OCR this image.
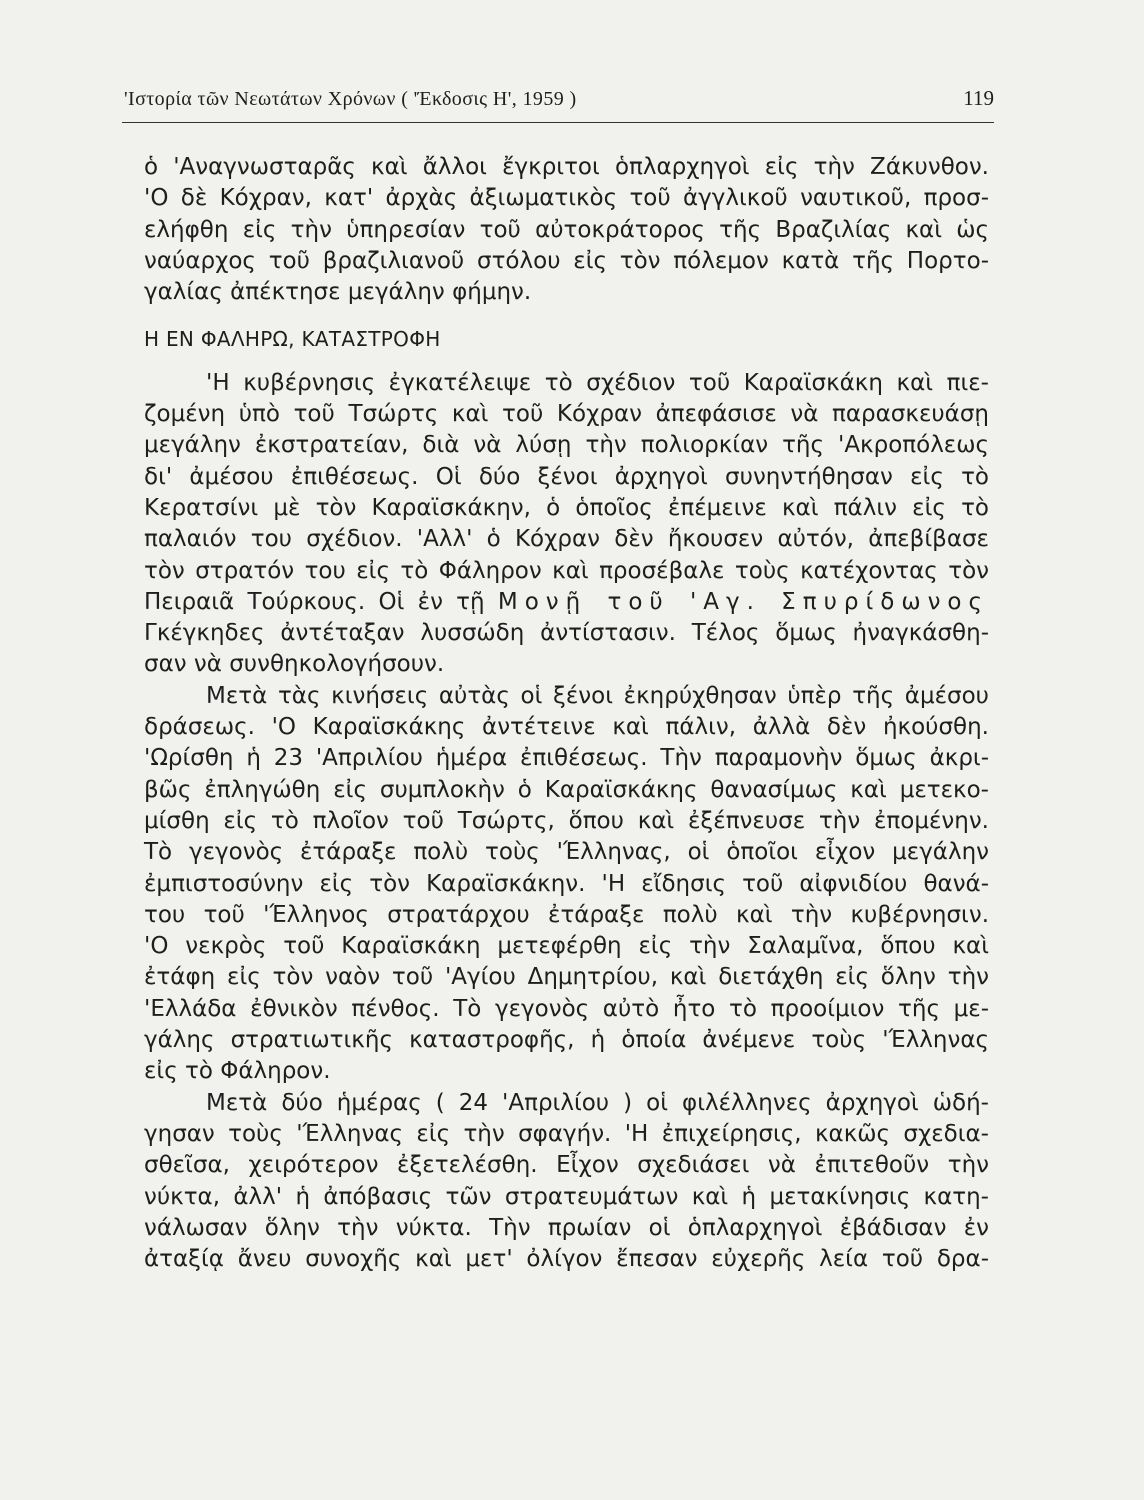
'Ιστορία τῶν Νεωτάτων Χρόνων ( 'Έκδοσις Η', 1959 )	119

ὁ 'Αναγνωσταρᾶς καὶ ἄλλοι ἔγκριτοι ὁπλαρχηγοὶ εἰς τὴν Ζάκυνθον.
'Ο δὲ Κόχραν, κατ' ἀρχὰς ἀξιωματικὸς τοῦ ἀγγλικοῦ ναυτικοῦ, προσ-
ελήφθη εἰς τὴν ὑπηρεσίαν τοῦ αὐτοκράτορος τῆς Βραζιλίας καὶ ὡς
ναύαρχος τοῦ βραζιλιανοῦ στόλου εἰς τὸν πόλεμον κατὰ τῆς Πορτο-
γαλίας ἀπέκτησε μεγάλην φήμην.

Η ΕΝ ΦΑΛΗΡΩ, ΚΑΤΑΣΤΡΟΦΗ

'Η κυβέρνησις ἐγκατέλειψε τὸ σχέδιον τοῦ Καραϊσκάκη καὶ πιε-
ζομένη ὑπὸ τοῦ Τσώρτς καὶ τοῦ Κόχραν ἀπεφάσισε νὰ παρασκευάσῃ
μεγάλην ἐκστρατείαν, διὰ νὰ λύσῃ τὴν πολιορκίαν τῆς 'Ακροπόλεως
δι' ἀμέσου ἐπιθέσεως. Οἱ δύο ξένοι ἀρχηγοὶ συνηντήθησαν εἰς τὸ
Κερατσίνι μὲ τὸν Καραϊσκάκην, ὁ ὁποῖος ἐπέμεινε καὶ πάλιν εἰς τὸ
παλαιόν του σχέδιον. 'Αλλ' ὁ Κόχραν δὲν ἤκουσεν αὐτόν, ἀπεβίβασε
τὸν στρατόν του εἰς τὸ Φάληρον καὶ προσέβαλε τοὺς κατέχοντας τὸν
Πειραιᾶ Τούρκους. Οἱ ἐν τῇ Μονῇ τοῦ 'Αγ. Σπυρίδωνος
Γκέγκηδες ἀντέταξαν λυσσώδη ἀντίστασιν. Τέλος ὅμως ἠναγκάσθη-
σαν νὰ συνθηκολογήσουν.

Μετὰ τὰς κινήσεις αὐτὰς οἱ ξένοι ἐκηρύχθησαν ὑπὲρ τῆς ἀμέσου
δράσεως. 'Ο Καραϊσκάκης ἀντέτεινε καὶ πάλιν, ἀλλὰ δὲν ἠκούσθη.
'Ωρίσθη ἡ 23 'Απριλίου ἡμέρα ἐπιθέσεως. Τὴν παραμονὴν ὅμως ἀκρι-
βῶς ἐπληγώθη εἰς συμπλοκὴν ὁ Καραϊσκάκης θανασίμως καὶ μετεκο-
μίσθη εἰς τὸ πλοῖον τοῦ Τσώρτς, ὅπου καὶ ἐξέπνευσε τὴν ἐπομένην.
Τὸ γεγονὸς ἐτάραξε πολὺ τοὺς 'Έλληνας, οἱ ὁποῖοι εἶχον μεγάλην
ἐμπιστοσύνην εἰς τὸν Καραϊσκάκην. 'Η εἴδησις τοῦ αἰφνιδίου θανά-
του τοῦ 'Έλληνος στρατάρχου ἐτάραξε πολὺ καὶ τὴν κυβέρνησιν.
'Ο νεκρὸς τοῦ Καραϊσκάκη μετεφέρθη εἰς τὴν Σαλαμῖνα, ὅπου καὶ
ἐτάφη εἰς τὸν ναὸν τοῦ 'Αγίου Δημητρίου, καὶ διετάχθη εἰς ὅλην τὴν
'Ελλάδα ἐθνικὸν πένθος. Τὸ γεγονὸς αὐτὸ ἦτο τὸ προοίμιον τῆς με-
γάλης στρατιωτικῆς καταστροφῆς, ἡ ὁποία ἀνέμενε τοὺς 'Έλληνας
εἰς τὸ Φάληρον.

Μετὰ δύο ἡμέρας ( 24 'Απριλίου ) οἱ φιλέλληνες ἀρχηγοὶ ὡδή-
γησαν τοὺς 'Έλληνας εἰς τὴν σφαγήν. 'Η ἐπιχείρησις, κακῶς σχεδια-
σθεῖσα, χειρότερον ἐξετελέσθη. Εἶχον σχεδιάσει νὰ ἐπιτεθοῦν τὴν
νύκτα, ἀλλ' ἡ ἀπόβασις τῶν στρατευμάτων καὶ ἡ μετακίνησις κατη-
νάλωσαν ὅλην τὴν νύκτα. Τὴν πρωίαν οἱ ὁπλαρχηγοὶ ἐβάδισαν ἐν
ἀταξίᾳ ἄνευ συνοχῆς καὶ μετ' ὀλίγον ἔπεσαν εὐχερῆς λεία τοῦ δρα-
